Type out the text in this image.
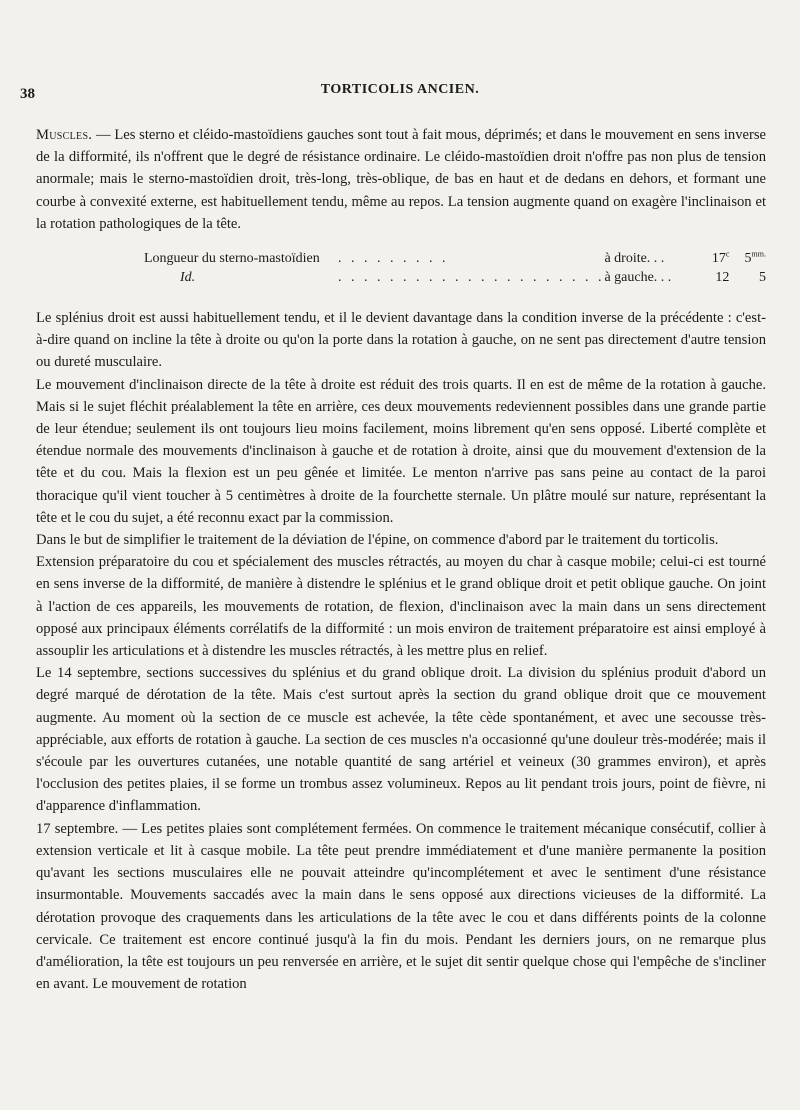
38	TORTICOLIS ANCIEN.

Muscles. — Les sterno et cléido-mastoïdiens gauches sont tout à fait mous, déprimés; et dans le mouvement en sens inverse de la difformité, ils n'offrent que le degré de résistance ordinaire. Le cléido-mastoïdien droit n'offre pas non plus de tension anormale; mais le sterno-mastoïdien droit, très-long, très-oblique, de bas en haut et de dedans en dehors, et formant une courbe à convexité externe, est habituellement tendu, même au repos. La tension augmente quand on exagère l'inclinaison et la rotation pathologiques de la tête.

Longueur du sterno-mastoïdien	. . . . . . . . .	à droite. . .	17$^c$	$5^{mm.}$
Id.	. . . . . . . . . . . . . . . . . . . . .	à gauche. . .	12	5

Le splénius droit est aussi habituellement tendu, et il le devient davantage dans la condition inverse de la précédente : c'est-à-dire quand on incline la tête à droite ou qu'on la porte dans la rotation à gauche, on ne sent pas directement d'autre tension ou dureté musculaire.

Le mouvement d'inclinaison directe de la tête à droite est réduit des trois quarts. Il en est de même de la rotation à gauche. Mais si le sujet fléchit préalablement la tête en arrière, ces deux mouvements redeviennent possibles dans une grande partie de leur étendue; seulement ils ont toujours lieu moins facilement, moins librement qu'en sens opposé. Liberté complète et étendue normale des mouvements d'inclinaison à gauche et de rotation à droite, ainsi que du mouvement d'extension de la tête et du cou. Mais la flexion est un peu gênée et limitée. Le menton n'arrive pas sans peine au contact de la paroi thoracique qu'il vient toucher à 5 centimètres à droite de la fourchette sternale. Un plâtre moulé sur nature, représentant la tête et le cou du sujet, a été reconnu exact par la commission.

Dans le but de simplifier le traitement de la déviation de l'épine, on commence d'abord par le traitement du torticolis.

Extension préparatoire du cou et spécialement des muscles rétractés, au moyen du char à casque mobile; celui-ci est tourné en sens inverse de la difformité, de manière à distendre le splénius et le grand oblique droit et petit oblique gauche. On joint à l'action de ces appareils, les mouvements de rotation, de flexion, d'inclinaison avec la main dans un sens directement opposé aux principaux éléments corrélatifs de la difformité : un mois environ de traitement préparatoire est ainsi employé à assouplir les articulations et à distendre les muscles rétractés, à les mettre plus en relief.

Le 14 septembre, sections successives du splénius et du grand oblique droit. La division du splénius produit d'abord un degré marqué de dérotation de la tête. Mais c'est surtout après la section du grand oblique droit que ce mouvement augmente. Au moment où la section de ce muscle est achevée, la tête cède spontanément, et avec une secousse très-appréciable, aux efforts de rotation à gauche. La section de ces muscles n'a occasionné qu'une douleur très-modérée; mais il s'écoule par les ouvertures cutanées, une notable quantité de sang artériel et veineux (30 grammes environ), et après l'occlusion des petites plaies, il se forme un trombus assez volumineux. Repos au lit pendant trois jours, point de fièvre, ni d'apparence d'inflammation.

17 septembre. — Les petites plaies sont complétement fermées. On commence le traitement mécanique consécutif, collier à extension verticale et lit à casque mobile. La tête peut prendre immédiatement et d'une manière permanente la position qu'avant les sections musculaires elle ne pouvait atteindre qu'incomplétement et avec le sentiment d'une résistance insurmontable. Mouvements saccadés avec la main dans le sens opposé aux directions vicieuses de la difformité. La dérotation provoque des craquements dans les articulations de la tête avec le cou et dans différents points de la colonne cervicale. Ce traitement est encore continué jusqu'à la fin du mois. Pendant les derniers jours, on ne remarque plus d'amélioration, la tête est toujours un peu renversée en arrière, et le sujet dit sentir quelque chose qui l'empêche de s'incliner en avant. Le mouvement de rotation
